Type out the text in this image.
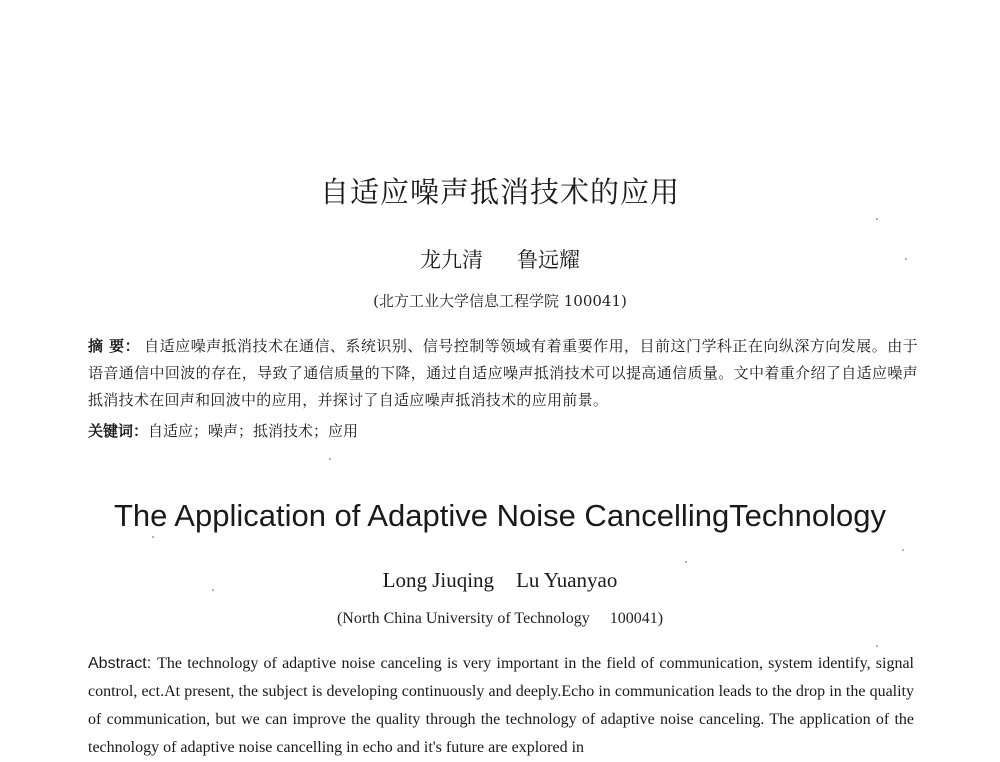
自适应噪声抵消技术的应用
龙九清 鲁远耀
(北方工业大学信息工程学院 100041)
摘 要： 自适应噪声抵消技术在通信、系统识别、信号控制等领域有着重要作用，目前这门学科正在向纵深方向发展。由于语音通信中回波的存在，导致了通信质量的下降，通过自适应噪声抵消技术可以提高通信质量。文中着重介绍了自适应噪声抵消技术在回声和回波中的应用，并探讨了自适应噪声抵消技术的应用前景。
关键词：自适应；噪声；抵消技术；应用
The Application of Adaptive Noise CancellingTechnology
Long Jiuqing Lu Yuanyao
(North China University of Technology 100041)
Abstract: The technology of adaptive noise canceling is very important in the field of communication, system identify, signal control, ect.At present, the subject is developing continuously and deeply.Echo in communication leads to the drop in the quality of communication, but we can improve the quality through the technology of adaptive noise canceling. The application of the technology of adaptive noise cancelling in echo and it's future are explored in
